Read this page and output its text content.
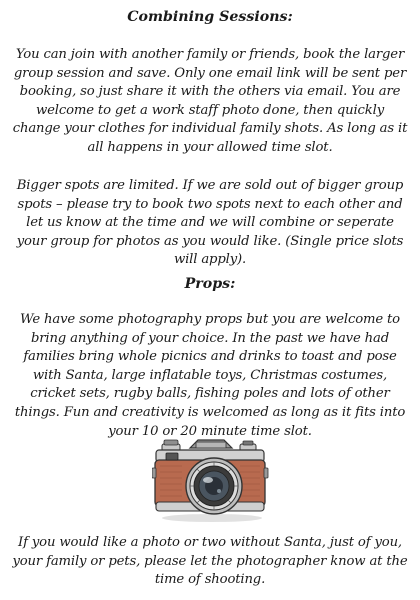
Combining Sessions:

You can join with another family or friends, book the larger group session and save. Only one email link will be sent per booking, so just share it with the others via email. You are welcome to get a work staff photo done, then quickly change your clothes for individual family shots. As long as it all happens in your allowed time slot.

Bigger spots are limited. If we are sold out of bigger group spots – please try to book two spots next to each other and let us know at the time and we will combine or seperate your group for photos as you would like. (Single price slots will apply).

Props:

We have some photography props but you are welcome to bring anything of your choice. In the past we have had families bring whole picnics and drinks to toast and pose with Santa, large inflatable toys, Christmas costumes, cricket sets, rugby balls, fishing poles and lots of other things. Fun and creativity is welcomed as long as it fits into your 10 or 20 minute time slot.

If you would like a photo or two without Santa, just of you, your family or pets, please let the photographer know at the time of shooting.
